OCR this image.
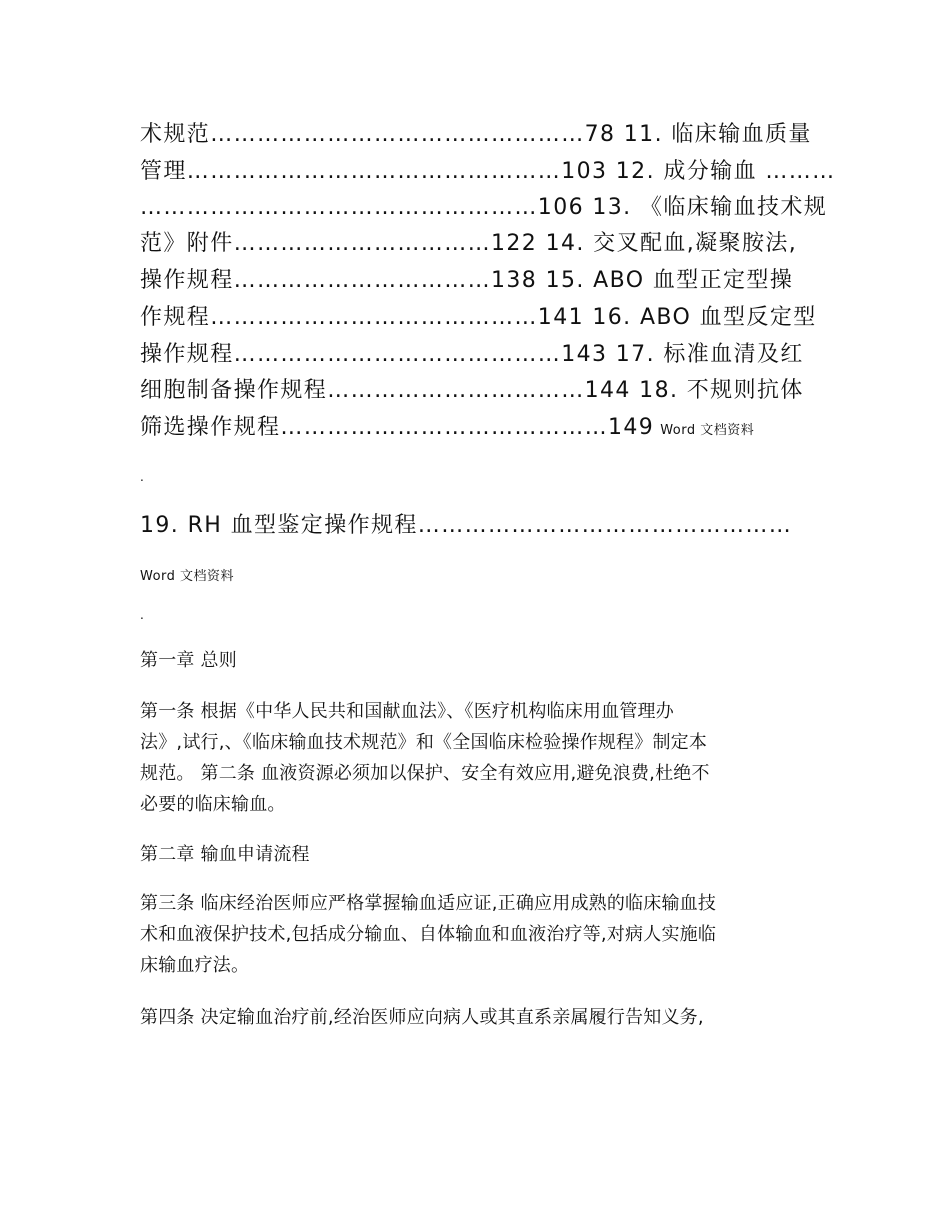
术规范…………………………………………78 11. 临床输血质量
管理…………………………………………103 12. 成分输血 ………
……………………………………………106 13. 《临床输血技术规
范》附件……………………………122 14. 交叉配血,凝聚胺法,
操作规程……………………………138 15. ABO 血型正定型操
作规程……………………………………141 16. ABO 血型反定型
操作规程……………………………………143 17. 标准血清及红
细胞制备操作规程……………………………144 18. 不规则抗体
筛选操作规程……………………………………149 Word 文档资料
.
19. RH 血型鉴定操作规程…………………………………………
Word 文档资料
.
第一章 总则
第一条 根据《中华人民共和国献血法》、《医疗机构临床用血管理办
法》,试行,、《临床输血技术规范》和《全国临床检验操作规程》制定本
规范。 第二条 血液资源必须加以保护、安全有效应用,避免浪费,杜绝不
必要的临床输血。
第二章 输血申请流程
第三条 临床经治医师应严格掌握输血适应证,正确应用成熟的临床输血技
术和血液保护技术,包括成分输血、自体输血和血液治疗等,对病人实施临
床输血疗法。
第四条 决定输血治疗前,经治医师应向病人或其直系亲属履行告知义务,
